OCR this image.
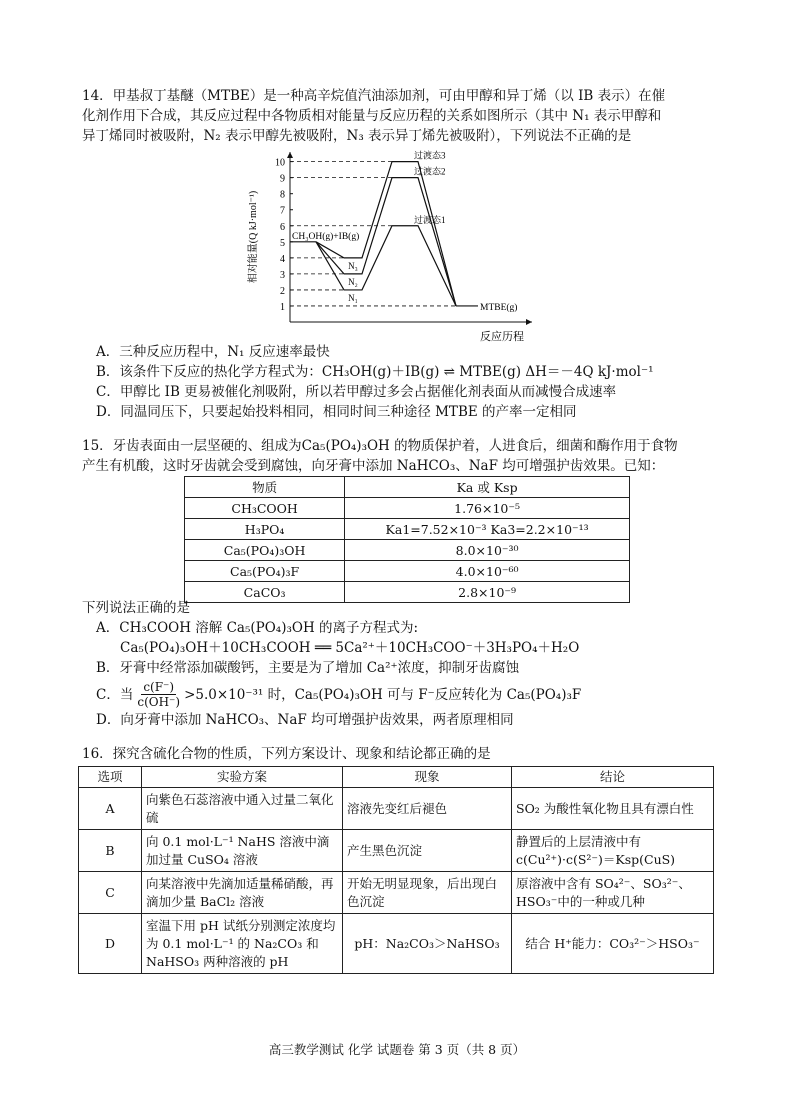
14．甲基叔丁基醚（MTBE）是一种高辛烷值汽油添加剂，可由甲醇和异丁烯（以 IB 表示）在催
化剂作用下合成，其反应过程中各物质相对能量与反应历程的关系如图所示（其中 N₁ 表示甲醇和
异丁烯同时被吸附，N₂ 表示甲醇先被吸附，N₃ 表示异丁烯先被吸附），下列说法不正确的是
1
2
3
4
5
6
7
8
9
10
相对能量(Q kJ·mol⁻¹)
反应历程
CH₃OH(g)+IB(g)
MTBE(g)
N₁
过渡态1
N₂
过渡态2
N₃
过渡态3
A．三种反应历程中，N₁ 反应速率最快
B．该条件下反应的热化学方程式为：CH₃OH(g)＋IB(g) ⇌ MTBE(g) ΔH＝－4Q kJ·mol⁻¹
C．甲醇比 IB 更易被催化剂吸附，所以若甲醇过多会占据催化剂表面从而减慢合成速率
D．同温同压下，只要起始投料相同，相同时间三种途径 MTBE 的产率一定相同
15．牙齿表面由一层坚硬的、组成为Ca₅(PO₄)₃OH 的物质保护着，人进食后，细菌和酶作用于食物
产生有机酸，这时牙齿就会受到腐蚀，向牙膏中添加 NaHCO₃、NaF 均可增强护齿效果。已知：
物质	Ka 或 Ksp
CH₃COOH	1.76×10⁻⁵
H₃PO₄	Ka1=7.52×10⁻³ Ka3=2.2×10⁻¹³
Ca₅(PO₄)₃OH	8.0×10⁻³⁰
Ca₅(PO₄)₃F	4.0×10⁻⁶⁰
CaCO₃	2.8×10⁻⁹
下列说法正确的是
A．CH₃COOH 溶解 Ca₅(PO₄)₃OH 的离子方程式为:
Ca₅(PO₄)₃OH＋10CH₃COOH ══ 5Ca²⁺＋10CH₃COO⁻＋3H₃PO₄＋H₂O
B．牙膏中经常添加碳酸钙，主要是为了增加 Ca²⁺浓度，抑制牙齿腐蚀
C．当 $\frac{c(F^-)}{c(OH^-)} >5.0\times 10^{-31}$ 时，Ca₅(PO₄)₃OH 可与 F⁻反应转化为 Ca₅(PO₄)₃F
D．向牙膏中添加 NaHCO₃、NaF 均可增强护齿效果，两者原理相同
16．探究含硫化合物的性质，下列方案设计、现象和结论都正确的是
选项	实验方案	现象	结论
A	向紫色石蕊溶液中通入过量二氧化硫	溶液先变红后褪色	SO₂ 为酸性氧化物且具有漂白性
B	向 0.1 mol·L⁻¹ NaHS 溶液中滴加过量 CuSO₄ 溶液	产生黑色沉淀	静置后的上层清液中有 c(Cu²⁺)·c(S²⁻)＝Ksp(CuS)
C	向某溶液中先滴加适量稀硝酸，再滴加少量 BaCl₂ 溶液	开始无明显现象，后出现白色沉淀	原溶液中含有 SO₄²⁻、SO₃²⁻、HSO₃⁻中的一种或几种
D	室温下用 pH 试纸分别测定浓度均为 0.1 mol·L⁻¹ 的 Na₂CO₃ 和 NaHSO₃ 两种溶液的 pH	pH：Na₂CO₃＞NaHSO₃	结合 H⁺能力：CO₃²⁻＞HSO₃⁻
高三教学测试 化学 试题卷 第 3 页（共 8 页）
